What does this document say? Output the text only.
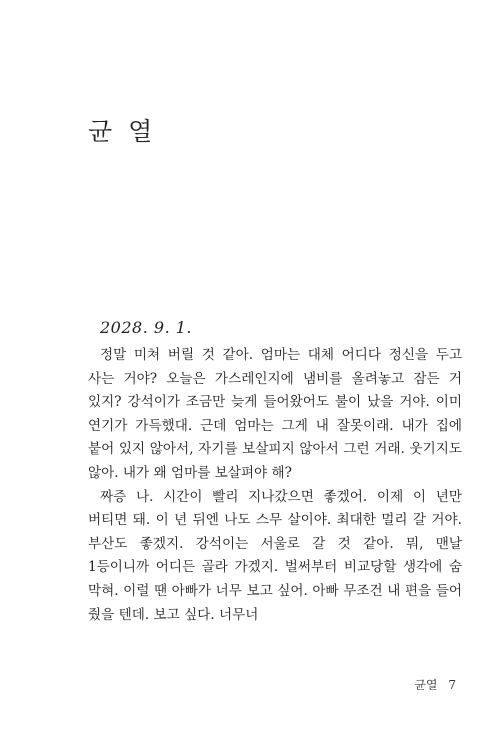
균 열
2028. 9. 1.

정말 미쳐 버릴 것 같아. 엄마는 대체 어디다 정신을 두고 사는 거야? 오늘은 가스레인지에 냄비를 올려놓고 잠든 거 있지? 강석이가 조금만 늦게 들어왔어도 불이 났을 거야. 이미 연기가 가득했대. 근데 엄마는 그게 내 잘못이래. 내가 집에 붙어 있지 않아서, 자기를 보살피지 않아서 그런 거래. 웃기지도 않아. 내가 왜 엄마를 보살펴야 해?

짜증 나. 시간이 빨리 지나갔으면 좋겠어. 이제 이 년만 버티면 돼. 이 년 뒤엔 나도 스무 살이야. 최대한 멀리 갈 거야. 부산도 좋겠지. 강석이는 서울로 갈 것 같아. 뭐, 맨날 1등이니까 어디든 골라 가겠지. 벌써부터 비교당할 생각에 숨 막혀. 이럴 땐 아빠가 너무 보고 싶어. 아빠 무조건 내 편을 들어 줬을 텐데. 보고 싶다. 너무너

균열 7
